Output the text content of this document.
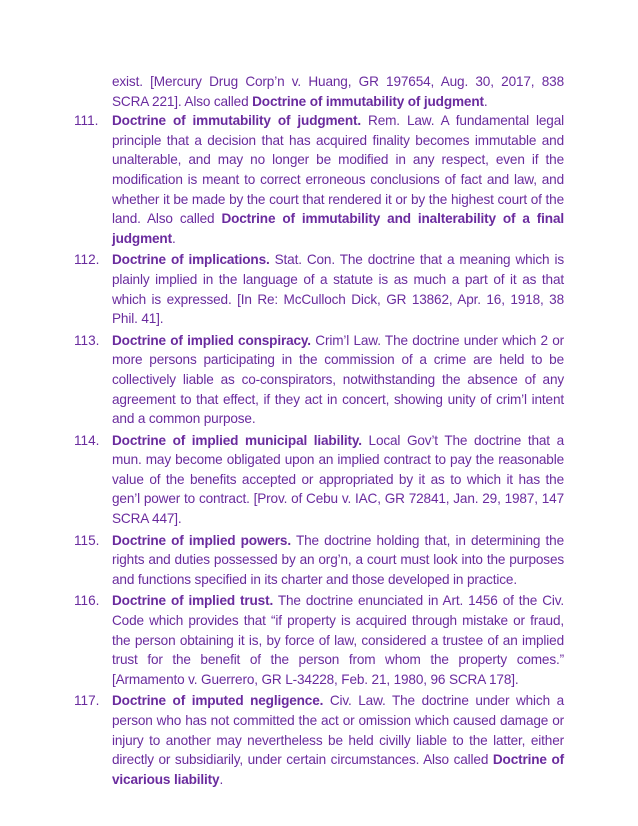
exist. [Mercury Drug Corp’n v. Huang, GR 197654, Aug. 30, 2017, 838 SCRA 221]. Also called Doctrine of immutability of judgment.
111. Doctrine of immutability of judgment. Rem. Law. A fundamental legal principle that a decision that has acquired finality becomes immutable and unalterable, and may no longer be modified in any respect, even if the modification is meant to correct erroneous conclusions of fact and law, and whether it be made by the court that rendered it or by the highest court of the land. Also called Doctrine of immutability and inalterability of a final judgment.
112. Doctrine of implications. Stat. Con. The doctrine that a meaning which is plainly implied in the language of a statute is as much a part of it as that which is expressed. [In Re: McCulloch Dick, GR 13862, Apr. 16, 1918, 38 Phil. 41].
113. Doctrine of implied conspiracy. Crim’l Law. The doctrine under which 2 or more persons participating in the commission of a crime are held to be collectively liable as co-conspirators, notwithstanding the absence of any agreement to that effect, if they act in concert, showing unity of crim’l intent and a common purpose.
114. Doctrine of implied municipal liability. Local Gov’t The doctrine that a mun. may become obligated upon an implied contract to pay the reasonable value of the benefits accepted or appropriated by it as to which it has the gen’l power to contract. [Prov. of Cebu v. IAC, GR 72841, Jan. 29, 1987, 147 SCRA 447].
115. Doctrine of implied powers. The doctrine holding that, in determining the rights and duties possessed by an org’n, a court must look into the purposes and functions specified in its charter and those developed in practice.
116. Doctrine of implied trust. The doctrine enunciated in Art. 1456 of the Civ. Code which provides that “if property is acquired through mistake or fraud, the person obtaining it is, by force of law, considered a trustee of an implied trust for the benefit of the person from whom the property comes.” [Armamento v. Guerrero, GR L-34228, Feb. 21, 1980, 96 SCRA 178].
117. Doctrine of imputed negligence. Civ. Law. The doctrine under which a person who has not committed the act or omission which caused damage or injury to another may nevertheless be held civilly liable to the latter, either directly or subsidiarily, under certain circumstances. Also called Doctrine of vicarious liability.
